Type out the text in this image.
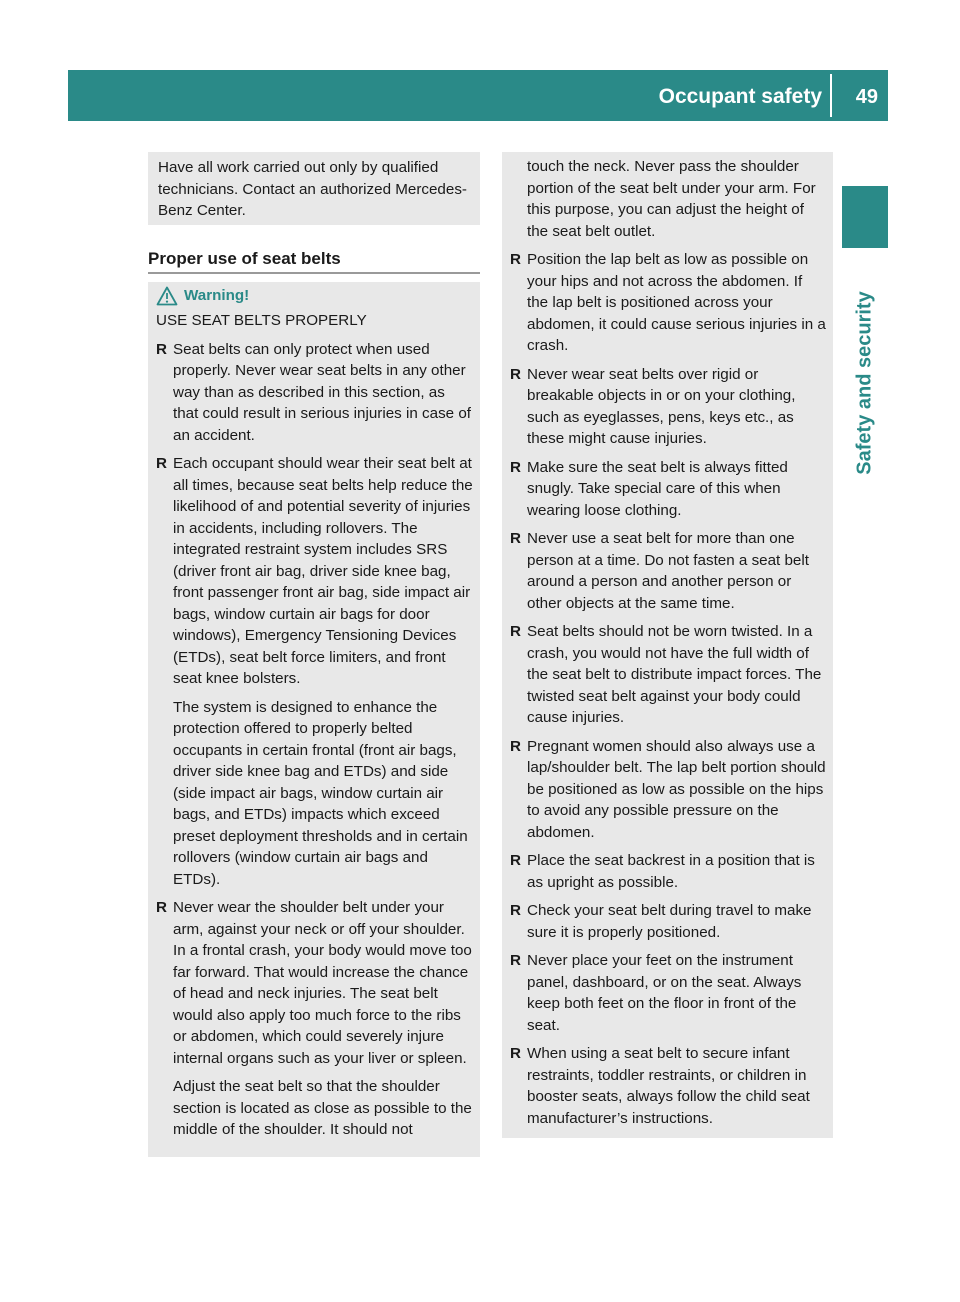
Occupant safety 49
Safety and security

Have all work carried out only by qualified technicians. Contact an authorized Mercedes-Benz Center.

Proper use of seat belts
Warning!

USE SEAT BELTS PROPERLY

R Seat belts can only protect when used properly. Never wear seat belts in any other way than as described in this section, as that could result in serious injuries in case of an accident.

R Each occupant should wear their seat belt at all times, because seat belts help reduce the likelihood of and potential severity of injuries in accidents, including rollovers. The integrated restraint system includes SRS (driver front air bag, driver side knee bag, front passenger front air bag, side impact air bags, window curtain air bags for door windows), Emergency Tensioning Devices (ETDs), seat belt force limiters, and front seat knee bolsters.

The system is designed to enhance the protection offered to properly belted occupants in certain frontal (front air bags, driver side knee bag and ETDs) and side (side impact air bags, window curtain air bags, and ETDs) impacts which exceed preset deployment thresholds and in certain rollovers (window curtain air bags and ETDs).

R Never wear the shoulder belt under your arm, against your neck or off your shoulder. In a frontal crash, your body would move too far forward. That would increase the chance of head and neck injuries. The seat belt would also apply too much force to the ribs or abdomen, which could severely injure internal organs such as your liver or spleen.

Adjust the seat belt so that the shoulder section is located as close as possible to the middle of the shoulder. It should not

touch the neck. Never pass the shoulder portion of the seat belt under your arm. For this purpose, you can adjust the height of the seat belt outlet.

R Position the lap belt as low as possible on your hips and not across the abdomen. If the lap belt is positioned across your abdomen, it could cause serious injuries in a crash.

R Never wear seat belts over rigid or breakable objects in or on your clothing, such as eyeglasses, pens, keys etc., as these might cause injuries.

R Make sure the seat belt is always fitted snugly. Take special care of this when wearing loose clothing.

R Never use a seat belt for more than one person at a time. Do not fasten a seat belt around a person and another person or other objects at the same time.

R Seat belts should not be worn twisted. In a crash, you would not have the full width of the seat belt to distribute impact forces. The twisted seat belt against your body could cause injuries.

R Pregnant women should also always use a lap/shoulder belt. The lap belt portion should be positioned as low as possible on the hips to avoid any possible pressure on the abdomen.

R Place the seat backrest in a position that is as upright as possible.

R Check your seat belt during travel to make sure it is properly positioned.

R Never place your feet on the instrument panel, dashboard, or on the seat. Always keep both feet on the floor in front of the seat.

R When using a seat belt to secure infant restraints, toddler restraints, or children in booster seats, always follow the child seat manufacturer’s instructions.
